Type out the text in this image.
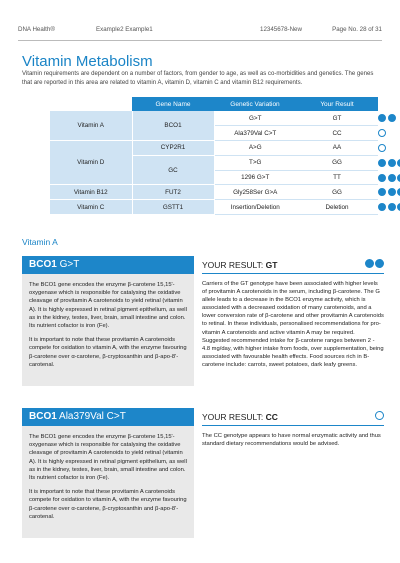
DNA Health®	Example2 Example1	12345678-New	Page No. 28 of 31
Vitamin Metabolism
Vitamin requirements are dependent on a number of factors, from gender to age, as well as co-morbidities and genetics. The genes that are reported in this area are related to vitamin A, vitamin D, vitamin C and vitamin B12 requirements.
	Gene Name	Genetic Variation	Your Result	Gene Impact
Vitamin A	BCO1	G>T	GT	

		Ala379Val C>T	CC	

Vitamin D	CYP2R1	A>G	AA	

	GC	T>G	GG	

		1296 G>T	TT	

Vitamin B12	FUT2	Gly258Ser G>A	GG	

Vitamin C	GSTT1	Insertion/Deletion	Deletion	
Vitamin A
BCO1 G>T

The BCO1 gene encodes the enzyme β-carotene 15,15'-oxygenase which is responsible for catalysing the oxidative cleavage of provitamin A carotenoids to yield retinal (vitamin A). It is highly expressed in retinal pigment epithelium, as well as in the kidney, testes, liver, brain, small intestine and colon. Its nutrient cofactor is iron (Fe).

It is important to note that these provitamin A carotenoids compete for oxidation to vitamin A, with the enzyme favouring β-carotene over α-carotene, β-cryptoxanthin and β-apo-8'-carotenal.

YOUR RESULT: GT
Carriers of the GT genotype have been associated with higher levels of provitamin A carotenoids in the serum, including β-carotene. The G allele leads to a decrease in the BCO1 enzyme activity, which is associated with a decreased oxidation of many carotenoids, and a lower conversion rate of β-carotene and other provitamin A carotenoids to retinal. In these individuals, personalised recommendations for pro-vitamin A carotenoids and active vitamin A may be required. Suggested recommended intake for β-carotene ranges between 2 - 4.8 mg/day, with higher intake from foods, over supplementation, being associated with favourable health effects. Food sources rich in B-carotene include: carrots, sweet potatoes, dark leafy greens.
BCO1 Ala379Val C>T

The BCO1 gene encodes the enzyme β-carotene 15,15'-oxygenase which is responsible for catalysing the oxidative cleavage of provitamin A carotenoids to yield retinal (vitamin A). It is highly expressed in retinal pigment epithelium, as well as in the kidney, testes, liver, brain, small intestine and colon. Its nutrient cofactor is iron (Fe).

It is important to note that these provitamin A carotenoids compete for oxidation to vitamin A, with the enzyme favouring β-carotene over α-carotene, β-cryptoxanthin and β-apo-8'-carotenal.

YOUR RESULT: CC
The CC genotype appears to have normal enzymatic activity and thus standard dietary recommendations would be advised.
